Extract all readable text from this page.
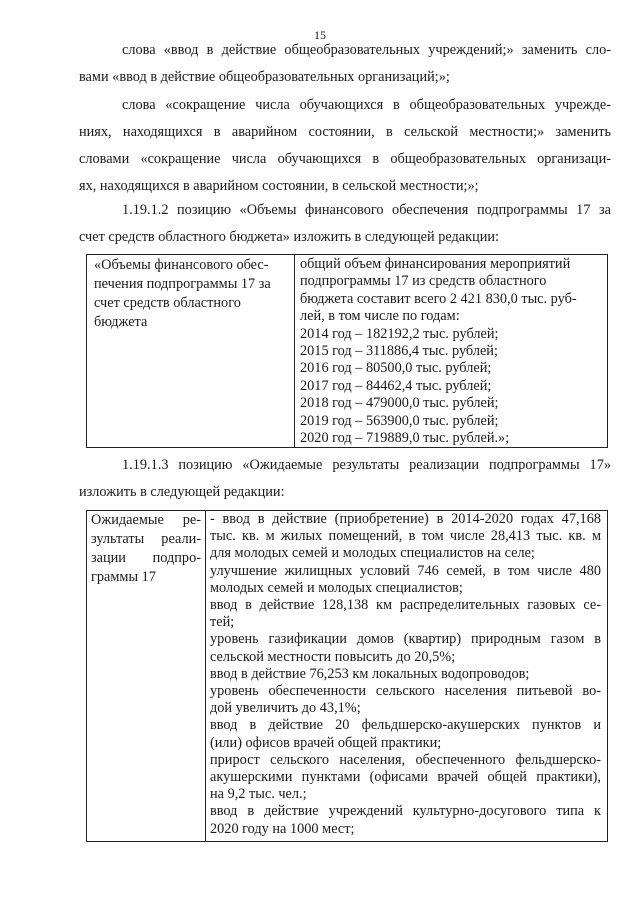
15
слова «ввод в действие общеобразовательных учреждений;» заменить сло-
вами «ввод в действие общеобразовательных организаций;»;
слова «сокращение числа обучающихся в общеобразовательных учрежде-
ниях, находящихся в аварийном состоянии, в сельской местности;» заменить
словами «сокращение числа обучающихся в общеобразовательных организаци-
ях, находящихся в аварийном состоянии, в сельской местности;»;
1.19.1.2 позицию «Объемы финансового обеспечения подпрограммы 17 за
счет средств областного бюджета» изложить в следующей редакции:
«Объемы финансового обес-
печения подпрограммы 17 за
счет средств областного
бюджета
общий объем финансирования мероприятий
подпрограммы 17 из средств областного
бюджета составит всего 2 421 830,0 тыс. руб-
лей, в том числе по годам:
2014 год – 182192,2 тыс. рублей;
2015 год – 311886,4 тыс. рублей;
2016 год – 80500,0 тыс. рублей;
2017 год – 84462,4 тыс. рублей;
2018 год – 479000,0 тыс. рублей;
2019 год – 563900,0 тыс. рублей;
2020 год – 719889,0 тыс. рублей.»;
1.19.1.3 позицию «Ожидаемые результаты реализации подпрограммы 17»
изложить в следующей редакции:
Ожидаемые ре-
зультаты реали-
зации подпро-
граммы 17
- ввод в действие (приобретение) в 2014-2020 годах 47,168
тыс. кв. м жилых помещений, в том числе 28,413 тыс. кв. м
для молодых семей и молодых специалистов на селе;
улучшение жилищных условий 746 семей, в том числе 480
молодых семей и молодых специалистов;
ввод в действие 128,138 км распределительных газовых се-
тей;
уровень газификации домов (квартир) природным газом в
сельской местности повысить до 20,5%;
ввод в действие 76,253 км локальных водопроводов;
уровень обеспеченности сельского населения питьевой во-
дой увеличить до 43,1%;
ввод в действие 20 фельдшерско-акушерских пунктов и
(или) офисов врачей общей практики;
прирост сельского населения, обеспеченного фельдшерско-
акушерскими пунктами (офисами врачей общей практики),
на 9,2 тыс. чел.;
ввод в действие учреждений культурно-досугового типа к
2020 году на 1000 мест;
